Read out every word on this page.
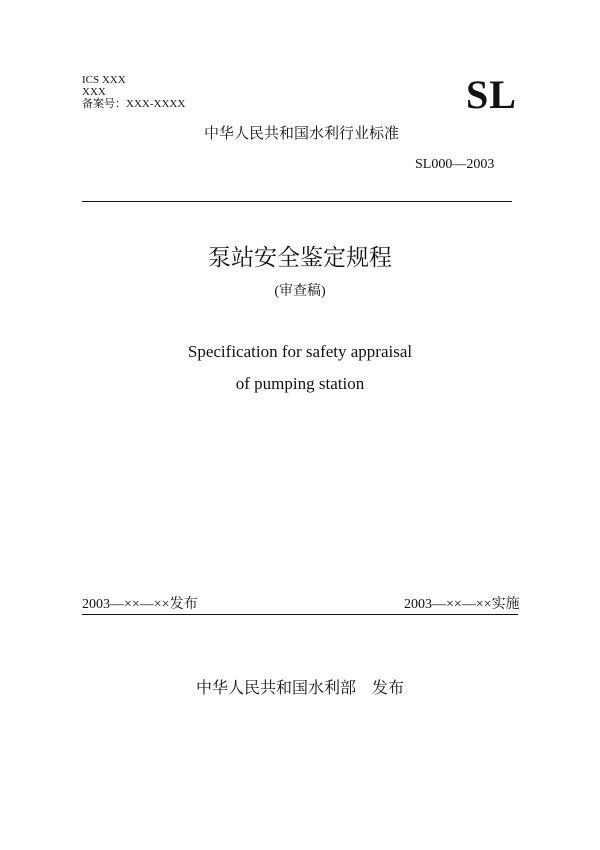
ICS XXX
XXX
备案号：XXX-XXXX	SL
中华人民共和国水利行业标准
SL000—2003
泵站安全鉴定规程
(审查稿)
Specification for safety appraisal
of pumping station
2003—××—××发布	2003—××—××实施
中华人民共和国水利部　发布
